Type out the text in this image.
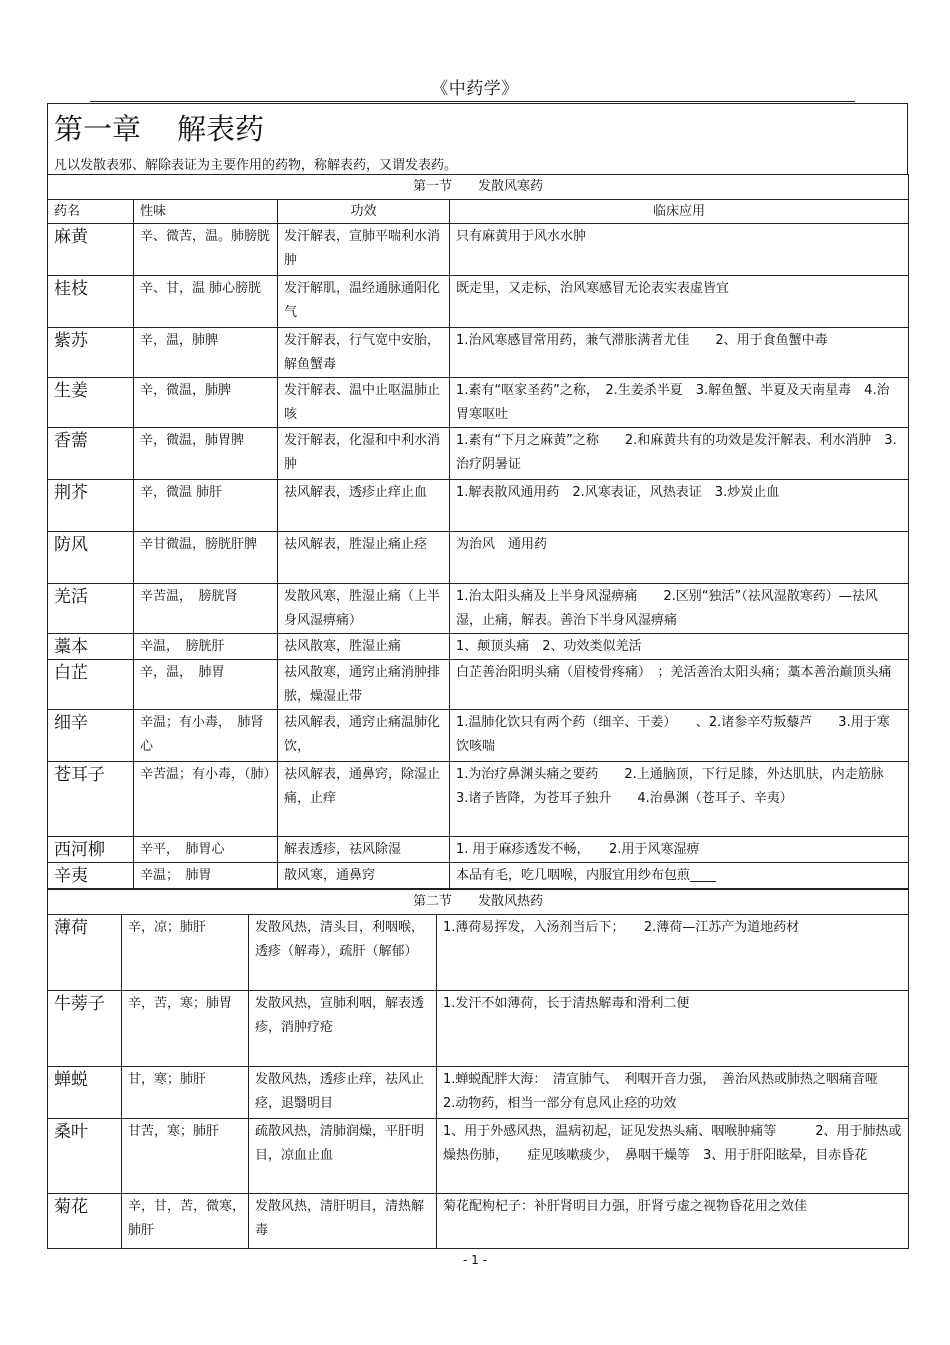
《中药学》
第一章 解表药
凡以发散表邪、解除表证为主要作用的药物，称解表药，又谓发表药。
第一节　　发散风寒药			
药名	性味	功效	临床应用
麻黄	辛、微苦，温。肺膀胱	发汗解表，宣肺平喘利水消肿	只有麻黄用于风水水肿
桂枝	辛、甘，温 肺心膀胱	发汗解肌，温经通脉通阳化气	既走里，又走标，治风寒感冒无论表实表虚皆宜
紫苏	辛，温，肺脾	发汗解表，行气宽中安胎，解鱼蟹毒	1.治风寒感冒常用药，兼气滞胀满者尤佳　　2、用于食鱼蟹中毒
生姜	辛，微温，肺脾	发汗解表、温中止呕温肺止咳	1.素有“呕家圣药”之称，　2.生姜杀半夏　3.解鱼蟹、半夏及天南星毒　4.治胃寒呕吐
香薷	辛，微温，肺胃脾	发汗解表，化湿和中利水消肿	1.素有“下月之麻黄”之称　　2.和麻黄共有的功效是发汗解表、利水消肿　3.治疗阴暑证
荆芥	辛，微温 肺肝	祛风解表，透疹止痒止血	1.解表散风通用药　2.风寒表证，风热表证　3.炒炭止血
防风	辛甘微温，膀胱肝脾	祛风解表，胜湿止痛止痉	为治风　通用药
羌活	辛苦温，　膀胱肾	发散风寒，胜湿止痛（上半身风湿痹痛）	1.治太阳头痛及上半身风湿痹痛　　2.区别“独活”（祛风湿散寒药）—祛风湿，止痛，解表。善治下半身风湿痹痛
藁本	辛温，　膀胱肝	祛风散寒，胜湿止痛	1、颠顶头痛　2、功效类似羌活
白芷	辛，温，　肺胃	祛风散寒，通窍止痛消肿排脓，燥湿止带	白芷善治阳明头痛（眉棱骨疼痛）　；羌活善治太阳头痛；藁本善治巅顶头痛
细辛	辛温；有小毒，　肺肾心	祛风解表，通窍止痛温肺化饮，	1.温肺化饮只有两个药（细辛、干姜）　　、2.诸参辛芍叛藜芦　　3.用于寒饮咳喘
苍耳子	辛苦温；有小毒，（肺）	祛风解表，通鼻窍，除湿止痛，止痒	1.为治疗鼻渊头痛之要药　　2.上通脑顶，下行足膝，外达肌肤，内走筋脉　3.诸子皆降，为苍耳子独升　　4.治鼻渊（苍耳子、辛夷）
西河柳	辛平，　肺胃心	解表透疹，祛风除湿	1. 用于麻疹透发不畅，　　2.用于风寒湿痹
辛夷	辛温；　肺胃	散风寒，通鼻窍	本品有毛，吃几咽喉，内服宜用纱布包煎____
第二节　　发散风热药			
薄荷	辛，凉；肺肝	发散风热，清头目，利咽喉，透疹（解毒），疏肝（解郁）	1.薄荷易挥发，入汤剂当后下；　　2.薄荷—江苏产为道地药材
牛蒡子	辛，苦，寒；肺胃	发散风热，宣肺利咽，解表透疹，消肿疗疮	1.发汗不如薄荷，长于清热解毒和滑利二便
蝉蜕	甘，寒；肺肝	发散风热，透疹止痒，祛风止痉，退翳明目	1.蝉蜕配胖大海：　清宣肺气、　利咽开音力强，　善治风热或肺热之咽痛音哑　2.动物药，相当一部分有息风止痉的功效
桑叶	甘苦，寒；肺肝	疏散风热，清肺润燥，平肝明目，凉血止血	1、用于外感风热，温病初起，证见发热头痛、咽喉肿痛等　　　2、用于肺热或燥热伤肺，　　症见咳嗽痰少，　鼻咽干燥等　3、用于肝阳眩晕，目赤昏花
菊花	辛，甘，苦，微寒，　肺肝	发散风热，清肝明目，清热解毒	菊花配枸杞子：补肝肾明目力强，肝肾亏虚之视物昏花用之效佳
- 1 -
